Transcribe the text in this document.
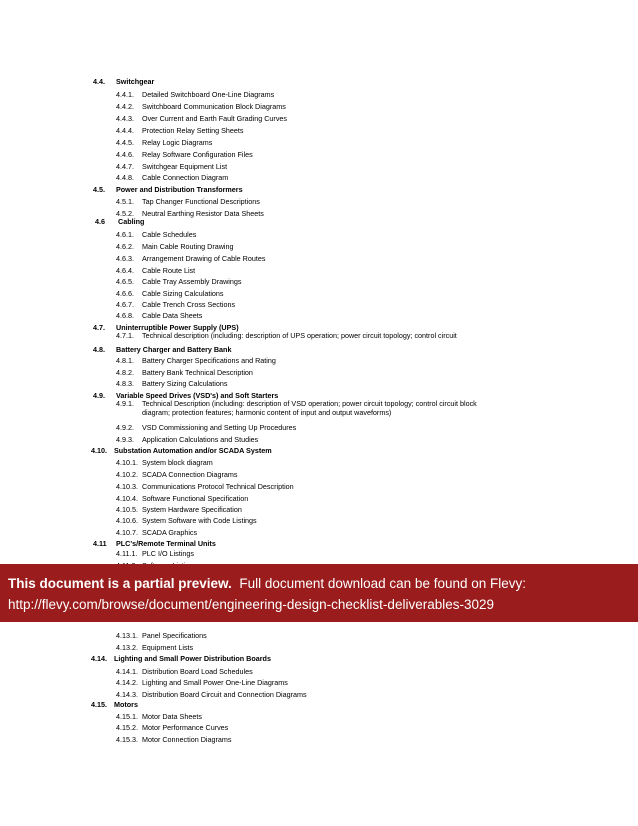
4.4. Switchgear
4.4.1. Detailed Switchboard One-Line Diagrams
4.4.2. Switchboard Communication Block Diagrams
4.4.3. Over Current and Earth Fault Grading Curves
4.4.4. Protection Relay Setting Sheets
4.4.5. Relay Logic Diagrams
4.4.6. Relay Software Configuration Files
4.4.7. Switchgear Equipment List
4.4.8. Cable Connection Diagram
4.5. Power and Distribution Transformers
4.5.1. Tap Changer Functional Descriptions
4.5.2. Neutral Earthing Resistor Data Sheets
4.6 Cabling
4.6.1. Cable Schedules
4.6.2. Main Cable Routing Drawing
4.6.3. Arrangement Drawing of Cable Routes
4.6.4. Cable Route List
4.6.5. Cable Tray Assembly Drawings
4.6.6. Cable Sizing Calculations
4.6.7. Cable Trench Cross Sections
4.6.8. Cable Data Sheets
4.7. Uninterruptible Power Supply (UPS)
4.7.1. Technical description (including: description of UPS operation; power circuit topology; control circuit
4.8. Battery Charger and Battery Bank
4.8.1. Battery Charger Specifications and Rating
4.8.2. Battery Bank Technical Description
4.8.3. Battery Sizing Calculations
4.9. Variable Speed Drives (VSD's) and Soft Starters
4.9.1. Technical Description (including: description of VSD operation; power circuit topology; control circuit block diagram; protection features; harmonic content of input and output waveforms)
4.9.2. VSD Commissioning and Setting Up Procedures
4.9.3. Application Calculations and Studies
4.10. Substation Automation and/or SCADA System
4.10.1. System block diagram
4.10.2. SCADA Connection Diagrams
4.10.3. Communications Protocol Technical Description
4.10.4. Software Functional Specification
4.10.5. System Hardware Specification
4.10.6. System Software with Code Listings
4.10.7. SCADA Graphics
4.11 PLC's/Remote Terminal Units
4.11.1. PLC I/O Listings
4.13.1. Panel Specifications
4.13.2. Equipment Lists
4.14. Lighting and Small Power Distribution Boards
4.14.1. Distribution Board Load Schedules
4.14.2. Lighting and Small Power One-Line Diagrams
4.14.3. Distribution Board Circuit and Connection Diagrams
4.15. Motors
4.15.1. Motor Data Sheets
4.15.2. Motor Performance Curves
4.15.3. Motor Connection Diagrams
This document is a partial preview. Full document download can be found on Flevy:
http://flevy.com/browse/document/engineering-design-checklist-deliverables-3029
